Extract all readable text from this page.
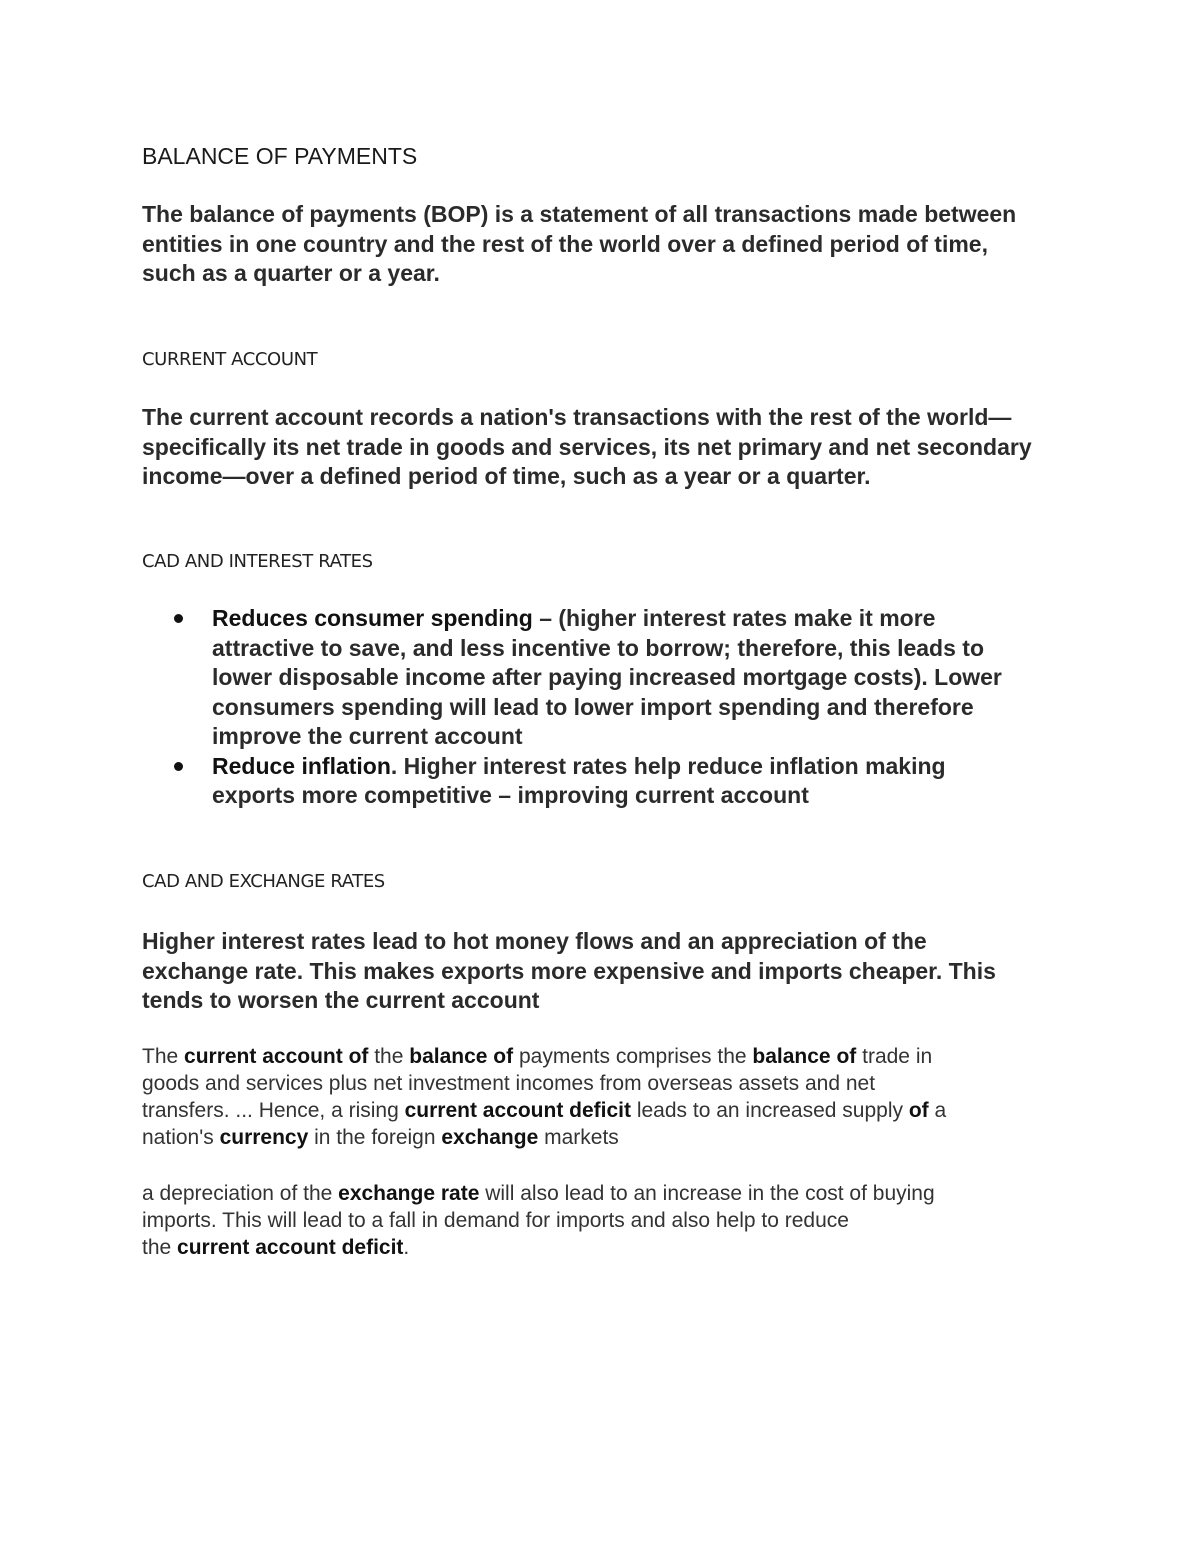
BALANCE OF PAYMENTS
The balance of payments (BOP) is a statement of all transactions made between
entities in one country and the rest of the world over a defined period of time,
such as a quarter or a year.
CURRENT ACCOUNT
The current account records a nation's transactions with the rest of the world—
specifically its net trade in goods and services, its net primary and net secondary
income—over a defined period of time, such as a year or a quarter.
CAD AND INTEREST RATES
Reduces consumer spending – (higher interest rates make it more
attractive to save, and less incentive to borrow; therefore, this leads to
lower disposable income after paying increased mortgage costs). Lower
consumers spending will lead to lower import spending and therefore
improve the current account
Reduce inflation. Higher interest rates help reduce inflation making
exports more competitive – improving current account
CAD AND EXCHANGE RATES
Higher interest rates lead to hot money flows and an appreciation of the
exchange rate. This makes exports more expensive and imports cheaper. This
tends to worsen the current account
The current account of the balance of payments comprises the balance of trade in
goods and services plus net investment incomes from overseas assets and net
transfers. ... Hence, a rising current account deficit leads to an increased supply of a
nation's currency in the foreign exchange markets
a depreciation of the exchange rate will also lead to an increase in the cost of buying
imports. This will lead to a fall in demand for imports and also help to reduce
the current account deficit.
